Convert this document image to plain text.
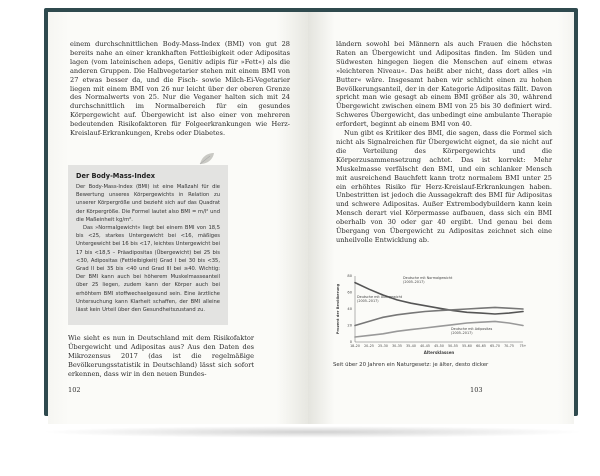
einem durchschnittlichen Body-Mass-Index (BMI) von gut 28 bereits nahe an einer krankhaften Fettleibigkeit oder Adipositas lagen (vom lateinischen adeps, Genitiv adipis für »Fett«) als die anderen Gruppen. Die Halbvegetarier stehen mit einem BMI von 27 etwas besser da, und die Fisch- sowie Milch-Ei-Vegetarier liegen mit einem BMI von 26 nur leicht über der oberen Grenze des Normalwerts von 25. Nur die Veganer halten sich mit 24 durchschnittlich im Normalbereich für ein gesundes Körpergewicht auf. Übergewicht ist also einer von mehreren bedeutenden Risikofaktoren für Folgeerkrankungen wie Herz-Kreislauf-Erkrankungen, Krebs oder Diabetes.

ländern sowohl bei Männern als auch Frauen die höchsten Raten an Übergewicht und Adipositas finden. Im Süden und Südwesten hingegen liegen die Menschen auf einem etwas »leichteren Niveau«. Das heißt aber nicht, dass dort alles »in Butter« wäre. Insgesamt haben wir schlicht einen zu hohen Bevölkerungsanteil, der in der Kategorie Adipositas fällt. Davon spricht man wie gesagt ab einem BMI größer als 30, während Übergewicht zwischen einem BMI von 25 bis 30 definiert wird. Schweres Übergewicht, das unbedingt eine ambulante Therapie erfordert, beginnt ab einem BMI von 40.

Nun gibt es Kritiker des BMI, die sagen, dass die Formel sich nicht als Signalreichen für Übergewicht eignet, da sie nicht auf die Verteilung des Körpergewichts und die Körperzusammensetzung achtet. Das ist korrekt: Mehr Muskelmasse verfälscht den BMI, und ein schlanker Mensch mit ausreichend Bauchfett kann trotz normalem BMI unter 25 ein erhöhtes Risiko für Herz-Kreislauf-Erkrankungen haben. Unbestritten ist jedoch die Aussagekraft des BMI für Adipositas und schwere Adipositas. Außer Extrembodybuildern kann kein Mensch derart viel Körpermasse aufbauen, dass sich ein BMI oberhalb von 30 oder gar 40 ergibt. Und genau bei dem Übergang von Übergewicht zu Adipositas zeichnet sich eine unheilvolle Entwicklung ab.

Der Body-Mass-Index

Der Body-Mass-Index (BMI) ist eine Maßzahl für die Bewertung unseres Körpergewichts in Relation zu unserer Körpergröße und bezieht sich auf das Quadrat der Körpergröße. Die Formel lautet also BMI = m/l² und die Maßeinheit kg/m².

Das »Normalgewicht« liegt bei einem BMI von 18,5 bis <25, starkes Untergewicht bei <16, mäßiges Untergewicht bei 16 bis <17, leichtes Untergewicht bei 17 bis <18,5 – Präadipositas (Übergewicht) bei 25 bis <30, Adipositas (Fettleibigkeit) Grad I bei 30 bis <35, Grad II bei 35 bis <40 und Grad III bei ≥40. Wichtig: Der BMI kann auch bei höherem Muskelmasseanteil über 25 liegen, zudem kann der Körper auch bei erhöhtem BMI stoffwechselgesund sein. Eine ärztliche Untersuchung kann Klarheit schaffen, der BMI alleine lässt kein Urteil über den Gesundheitszustand zu.

Wie sieht es nun in Deutschland mit dem Risikofaktor Übergewicht und Adipositas aus? Aus den Daten des Mikrozensus 2017 (das ist die regelmäßige Bevölkerungsstatistik in Deutschland) lässt sich sofort erkennen, dass wir in den neuen Bundes-

102	103
0
20
40
60
80
18–20 20–25 25–30 30–35 35–40 40–45 45–50 50–55 55–60 60–65 65–70 70–75 75+
Altersklassen
Prozent der Bevölkerung
Deutsche mit Normalgewicht (2005–2017)
Deutsche mit Übergewicht (2005–2017)
Deutsche mit Adipositas (2005–2017)
Seit über 20 Jahren ein Naturgesetz: je älter, desto dicker
